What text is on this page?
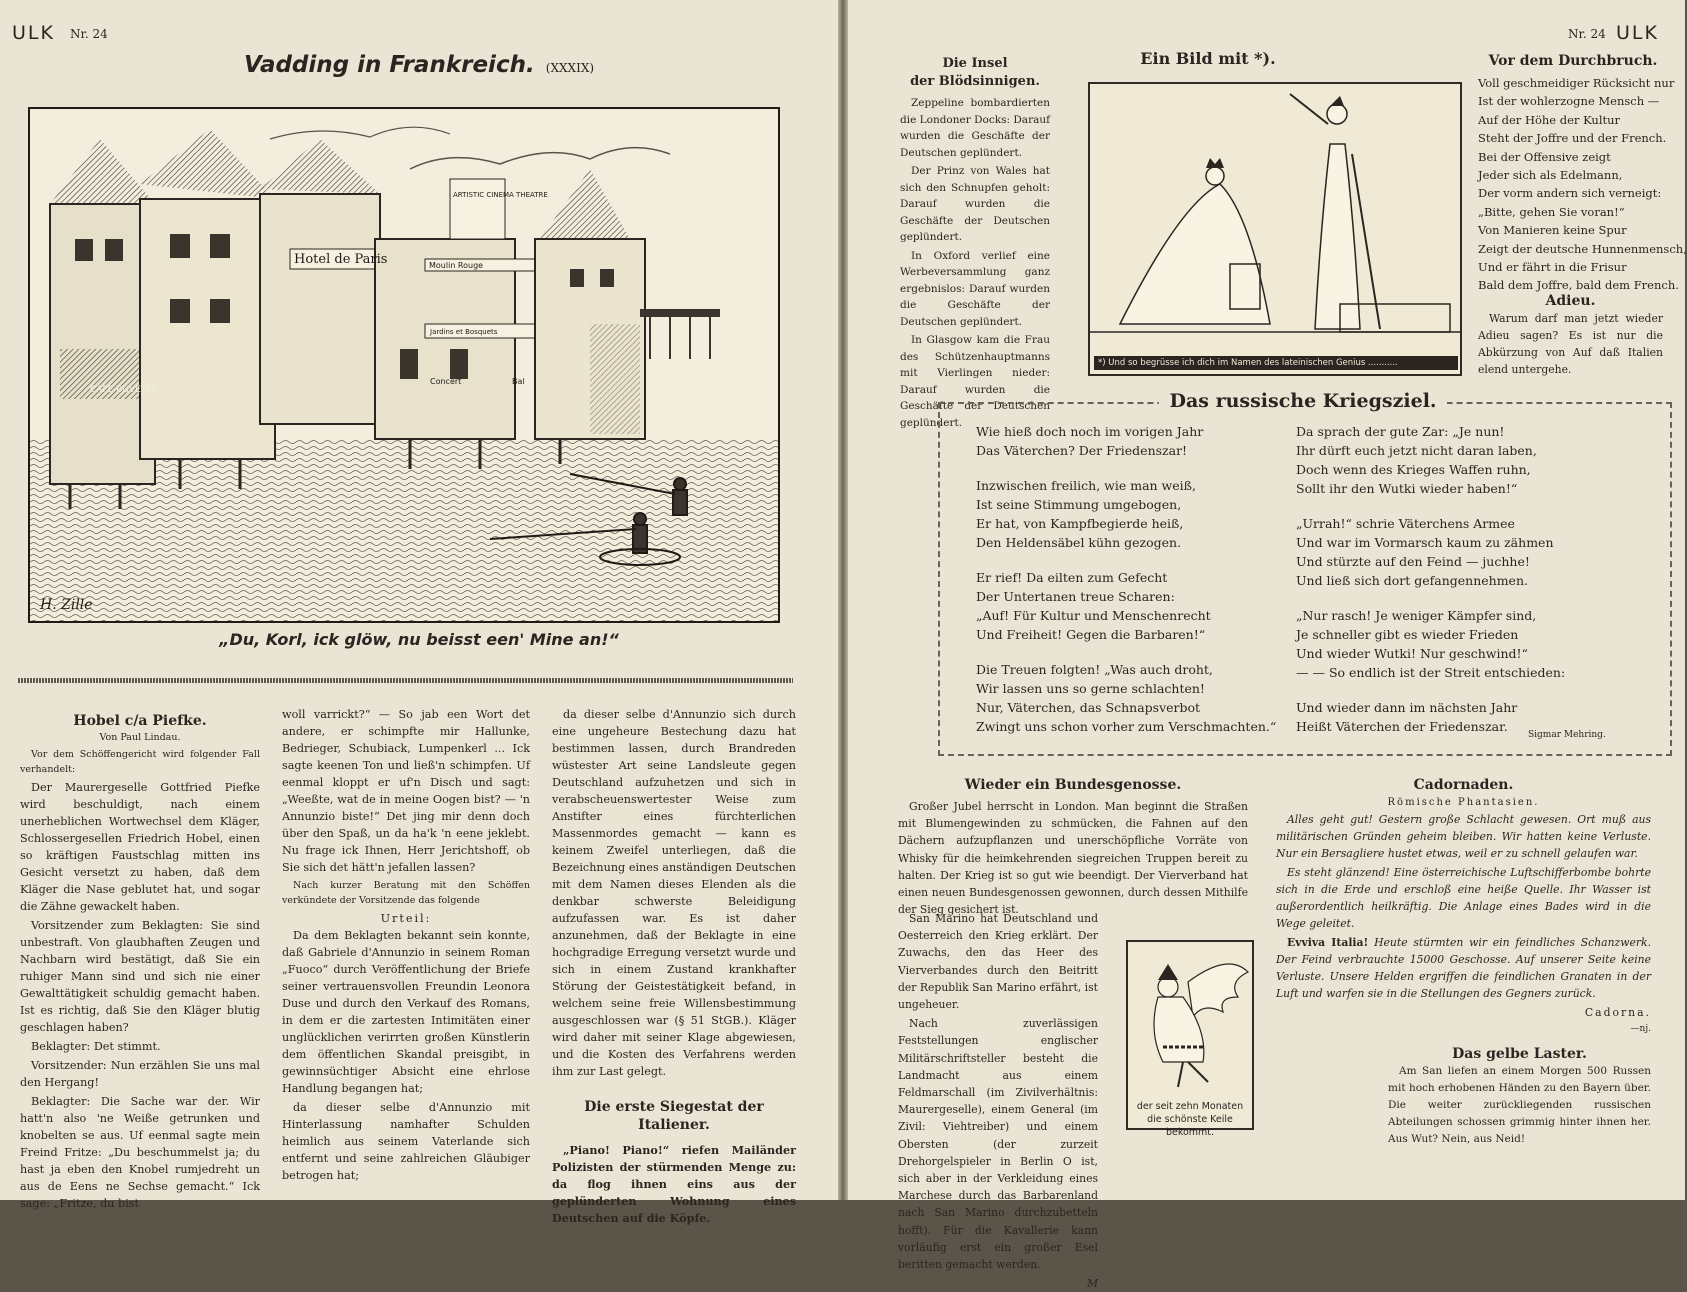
ULK Nr. 24
Vadding in Frankreich. (XXXIX)
Hotel de Paris	Moulin Rouge
ARTISTIC CINEMA THEATRE
Jardins et Bosquets
CAFE-BUVETTE
Concert	Bal
H. Zille
„Du, Korl, ick glöw, nu beisst een' Mine an!“
Hobel c/a Piefke.
Von Paul Lindau.

Vor dem Schöffengericht wird folgender Fall verhandelt:

Der Maurergeselle Gottfried Piefke wird beschuldigt, nach einem unerheblichen Wortwechsel dem Kläger, Schlossergesellen Friedrich Hobel, einen so kräftigen Faustschlag mitten ins Gesicht versetzt zu haben, daß dem Kläger die Nase geblutet hat, und sogar die Zähne gewackelt haben.

Vorsitzender zum Beklagten: Sie sind unbestraft. Von glaubhaften Zeugen und Nachbarn wird bestätigt, daß Sie ein ruhiger Mann sind und sich nie einer Gewalttätigkeit schuldig gemacht haben. Ist es richtig, daß Sie den Kläger blutig geschlagen haben?

Beklagter: Det stimmt.

Vorsitzender: Nun erzählen Sie uns mal den Hergang!

Beklagter: Die Sache war der. Wir hatt'n also 'ne Weiße getrunken und knobelten se aus. Uf eenmal sagte mein Freind Fritze: „Du beschummelst ja; du hast ja eben den Knobel rumjedreht un aus de Eens ne Sechse gemacht.“ Ick sage: „Fritze, du bist

woll varrickt?“ — So jab een Wort det andere, er schimpfte mir Hallunke, Bedrieger, Schubiack, Lumpenkerl ... Ick sagte keenen Ton und ließ'n schimpfen. Uf eenmal kloppt er uf'n Disch und sagt: „Weeßte, wat de in meine Oogen bist? — 'n Annunzio biste!“ Det jing mir denn doch über den Spaß, un da ha'k 'n eene jeklebt. Nu frage ick Ihnen, Herr Jerichtshoff, ob Sie sich det hätt'n jefallen lassen?

Nach kurzer Beratung mit den Schöffen verkündete der Vorsitzende das folgende

Urteil:

Da dem Beklagten bekannt sein konnte, daß Gabriele d'Annunzio in seinem Roman „Fuoco“ durch Veröffentlichung der Briefe seiner vertrauensvollen Freundin Leonora Duse und durch den Verkauf des Romans, in dem er die zartesten Intimitäten einer unglücklichen verirrten großen Künstlerin dem öffentlichen Skandal preisgibt, in gewinnsüchtiger Absicht eine ehrlose Handlung begangen hat;

da dieser selbe d'Annunzio mit Hinterlassung namhafter Schulden heimlich aus seinem Vaterlande sich entfernt und seine zahlreichen Gläubiger betrogen hat;

da dieser selbe d'Annunzio sich durch eine ungeheure Bestechung dazu hat bestimmen lassen, durch Brandreden wüstester Art seine Landsleute gegen Deutschland aufzuhetzen und sich in verabscheuenswertester Weise zum Anstifter eines fürchterlichen Massenmordes gemacht — kann es keinem Zweifel unterliegen, daß die Bezeichnung eines anständigen Deutschen mit dem Namen dieses Elenden als die denkbar schwerste Beleidigung aufzufassen war. Es ist daher anzunehmen, daß der Beklagte in eine hochgradige Erregung versetzt wurde und sich in einem Zustand krankhafter Störung der Geistestätigkeit befand, in welchem seine freie Willensbestimmung ausgeschlossen war (§ 51 StGB.). Kläger wird daher mit seiner Klage abgewiesen, und die Kosten des Verfahrens werden ihm zur Last gelegt.

Die erste Siegestat der Italiener.

„Piano! Piano!“ riefen Mailänder Polizisten der stürmenden Menge zu: da flog ihnen eins aus der geplünderten Wohnung eines Deutschen auf die Köpfe.

Nr. 24 ULK
Die Insel
der Blödsinnigen.

Zeppeline bombardierten die Londoner Docks: Darauf wurden die Geschäfte der Deutschen geplündert.

Der Prinz von Wales hat sich den Schnupfen geholt: Darauf wurden die Geschäfte der Deutschen geplündert.

In Oxford verlief eine Werbeversammlung ganz ergebnislos: Darauf wurden die Geschäfte der Deutschen geplündert.

In Glasgow kam die Frau des Schützenhauptmanns mit Vierlingen nieder: Darauf wurden die Geschäfte der Deutschen geplündert.

Ein Bild mit *).
*) Und so begrüsse ich dich im Namen des lateinischen Genius ...........
Vor dem Durchbruch.
Voll geschmeidiger Rücksicht nur
Ist der wohlerzogne Mensch —
Auf der Höhe der Kultur
Steht der Joffre und der French.
Bei der Offensive zeigt
Jeder sich als Edelmann,
Der vorm andern sich verneigt:
„Bitte, gehen Sie voran!“
Von Manieren keine Spur
Zeigt der deutsche Hunnenmensch,
Und er fährt in die Frisur
Bald dem Joffre, bald dem French.
Adieu.

Warum darf man jetzt wieder Adieu sagen? Es ist nur die Abkürzung von Auf daß Italien elend untergehe.

Das russische Kriegsziel.
Wie hieß doch noch im vorigen Jahr
Das Väterchen? Der Friedenszar!
Inzwischen freilich, wie man weiß,
Ist seine Stimmung umgebogen,
Er hat, von Kampfbegierde heiß,
Den Heldensäbel kühn gezogen.
Er rief! Da eilten zum Gefecht
Der Untertanen treue Scharen:
„Auf! Für Kultur und Menschenrecht
Und Freiheit! Gegen die Barbaren!“
Die Treuen folgten! „Was auch droht,
Wir lassen uns so gerne schlachten!
Nur, Väterchen, das Schnapsverbot
Zwingt uns schon vorher zum Verschmachten.“
Da sprach der gute Zar: „Je nun!
Ihr dürft euch jetzt nicht daran laben,
Doch wenn des Krieges Waffen ruhn,
Sollt ihr den Wutki wieder haben!“
„Urrah!“ schrie Väterchens Armee
Und war im Vormarsch kaum zu zähmen
Und stürzte auf den Feind — juchhe!
Und ließ sich dort gefangennehmen.
„Nur rasch! Je weniger Kämpfer sind,
Je schneller gibt es wieder Frieden
Und wieder Wutki! Nur geschwind!“
— — So endlich ist der Streit entschieden:
Und wieder dann im nächsten Jahr
Heißt Väterchen der Friedenszar.
Sigmar Mehring.
Wieder ein Bundesgenosse.

Großer Jubel herrscht in London. Man beginnt die Straßen mit Blumengewinden zu schmücken, die Fahnen auf den Dächern aufzupflanzen und unerschöpfliche Vorräte von Whisky für die heimkehrenden siegreichen Truppen bereit zu halten. Der Krieg ist so gut wie beendigt. Der Vierverband hat einen neuen Bundesgenossen gewonnen, durch dessen Mithilfe der Sieg gesichert ist.

San Marino hat Deutschland und Oesterreich den Krieg erklärt. Der Zuwachs, den das Heer des Vierverbandes durch den Beitritt der Republik San Marino erfährt, ist ungeheuer.

Nach zuverlässigen Feststellungen englischer Militärschriftsteller besteht die Landmacht aus einem Feldmarschall (im Zivilverhältnis: Maurergeselle), einem General (im Zivil: Viehtreiber) und einem Obersten (der zurzeit Drehorgelspieler in Berlin O ist, sich aber in der Verkleidung eines Marchese durch das Barbarenland nach San Marino durchzubetteln hofft). Für die Kavallerie kann vorläufig erst ein großer Esel beritten gemacht werden.

M
der seit zehn Monaten die schönste Keile bekommt.
Cadornaden.
Römische Phantasien.

Alles geht gut! Gestern große Schlacht gewesen. Ort muß aus militärischen Gründen geheim bleiben. Wir hatten keine Verluste. Nur ein Bersagliere hustet etwas, weil er zu schnell gelaufen war.

Es steht glänzend! Eine österreichische Luftschifferbombe bohrte sich in die Erde und erschloß eine heiße Quelle. Ihr Wasser ist außerordentlich heilkräftig. Die Anlage eines Bades wird in die Wege geleitet.

Evviva Italia! Heute stürmten wir ein feindliches Schanzwerk. Der Feind verbrauchte 15000 Geschosse. Auf unserer Seite keine Verluste. Unsere Helden ergriffen die feindlichen Granaten in der Luft und warfen sie in die Stellungen des Gegners zurück.

Cadorna.
—nj.
Das gelbe Laster.

Am San liefen an einem Morgen 500 Russen mit hoch erhobenen Händen zu den Bayern über. Die weiter zurückliegenden russischen Abteilungen schossen grimmig hinter ihnen her. Aus Wut? Nein, aus Neid!
